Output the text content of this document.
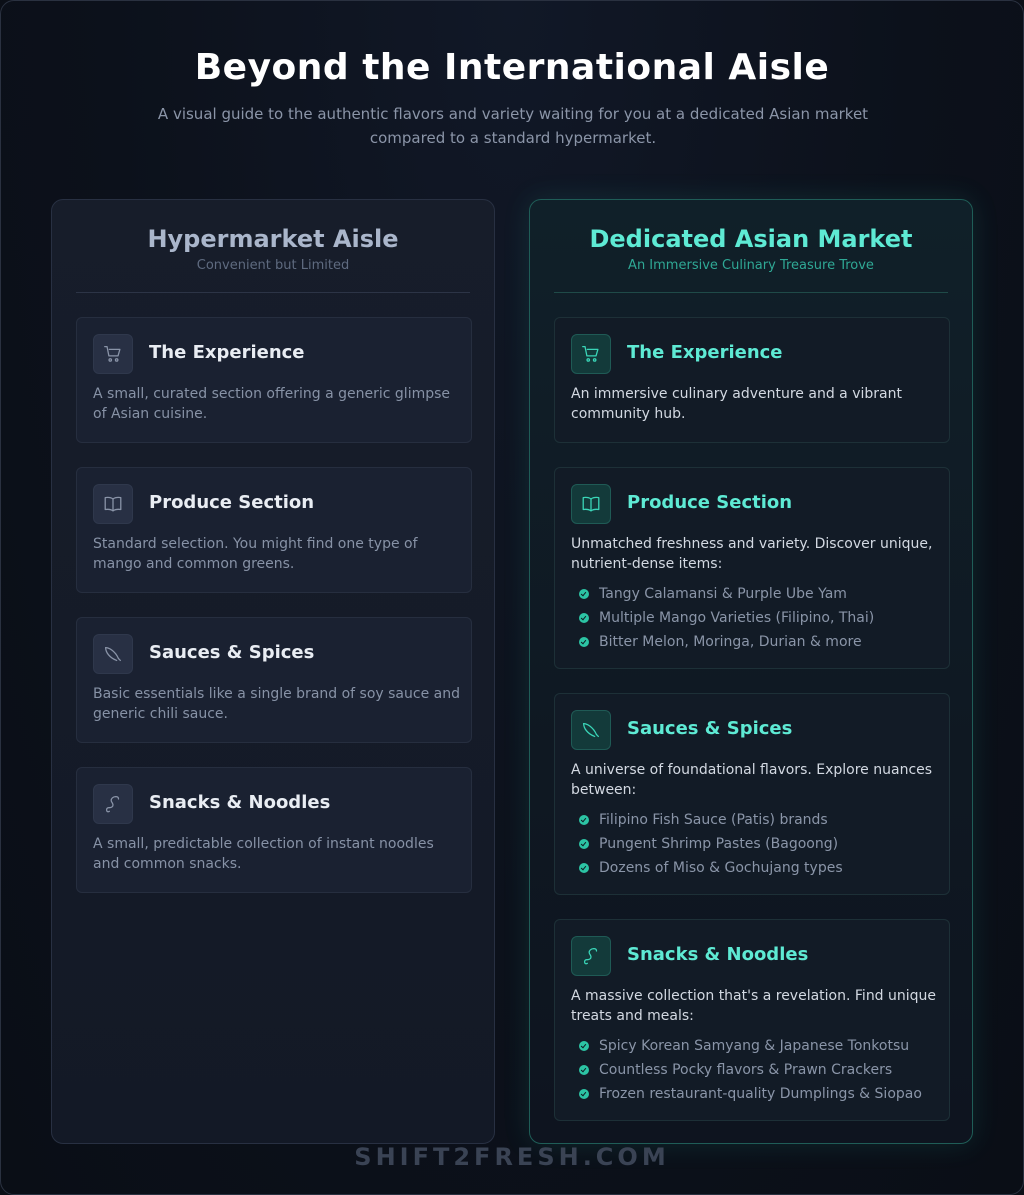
Beyond the International Aisle
A visual guide to the authentic flavors and variety waiting for you at a dedicated Asian market compared to a standard hypermarket.
Hypermarket Aisle
Convenient but Limited
The Experience
A small, curated section offering a generic glimpse of Asian cuisine.
Produce Section
Standard selection. You might find one type of mango and common greens.
Sauces & Spices
Basic essentials like a single brand of soy sauce and generic chili sauce.
Snacks & Noodles
A small, predictable collection of instant noodles and common snacks.
Dedicated Asian Market
An Immersive Culinary Treasure Trove
The Experience
An immersive culinary adventure and a vibrant community hub.
Produce Section
Unmatched freshness and variety. Discover unique, nutrient-dense items:
Tangy Calamansi & Purple Ube Yam
Multiple Mango Varieties (Filipino, Thai)
Bitter Melon, Moringa, Durian & more
Sauces & Spices
A universe of foundational flavors. Explore nuances between:
Filipino Fish Sauce (Patis) brands
Pungent Shrimp Pastes (Bagoong)
Dozens of Miso & Gochujang types
Snacks & Noodles
A massive collection that's a revelation. Find unique treats and meals:
Spicy Korean Samyang & Japanese Tonkotsu
Countless Pocky flavors & Prawn Crackers
Frozen restaurant-quality Dumplings & Siopao
SHIFT2FRESH.COM
